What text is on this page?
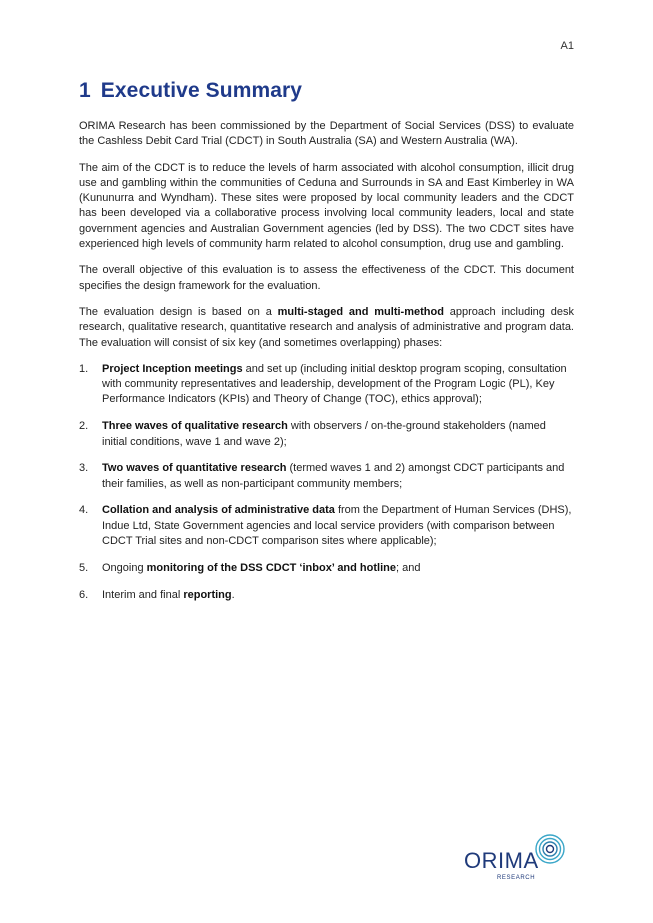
A1
1 Executive Summary

ORIMA Research has been commissioned by the Department of Social Services (DSS) to evaluate the Cashless Debit Card Trial (CDCT) in South Australia (SA) and Western Australia (WA).

The aim of the CDCT is to reduce the levels of harm associated with alcohol consumption, illicit drug use and gambling within the communities of Ceduna and Surrounds in SA and East Kimberley in WA (Kununurra and Wyndham). These sites were proposed by local community leaders and the CDCT has been developed via a collaborative process involving local community leaders, local and state government agencies and Australian Government agencies (led by DSS). The two CDCT sites have experienced high levels of community harm related to alcohol consumption, drug use and gambling.

The overall objective of this evaluation is to assess the effectiveness of the CDCT. This document specifies the design framework for the evaluation.

The evaluation design is based on a multi-staged and multi-method approach including desk research, qualitative research, quantitative research and analysis of administrative and program data. The evaluation will consist of six key (and sometimes overlapping) phases:

1. Project Inception meetings and set up (including initial desktop program scoping, consultation with community representatives and leadership, development of the Program Logic (PL), Key Performance Indicators (KPIs) and Theory of Change (TOC), ethics approval);
2. Three waves of qualitative research with observers / on-the-ground stakeholders (named initial conditions, wave 1 and wave 2);
3. Two waves of quantitative research (termed waves 1 and 2) amongst CDCT participants and their families, as well as non-participant community members;
4. Collation and analysis of administrative data from the Department of Human Services (DHS), Indue Ltd, State Government agencies and local service providers (with comparison between CDCT Trial sites and non-CDCT comparison sites where applicable);
5. Ongoing monitoring of the DSS CDCT ‘inbox’ and hotline; and
6. Interim and final reporting.
ORIMA
RESEARCH
